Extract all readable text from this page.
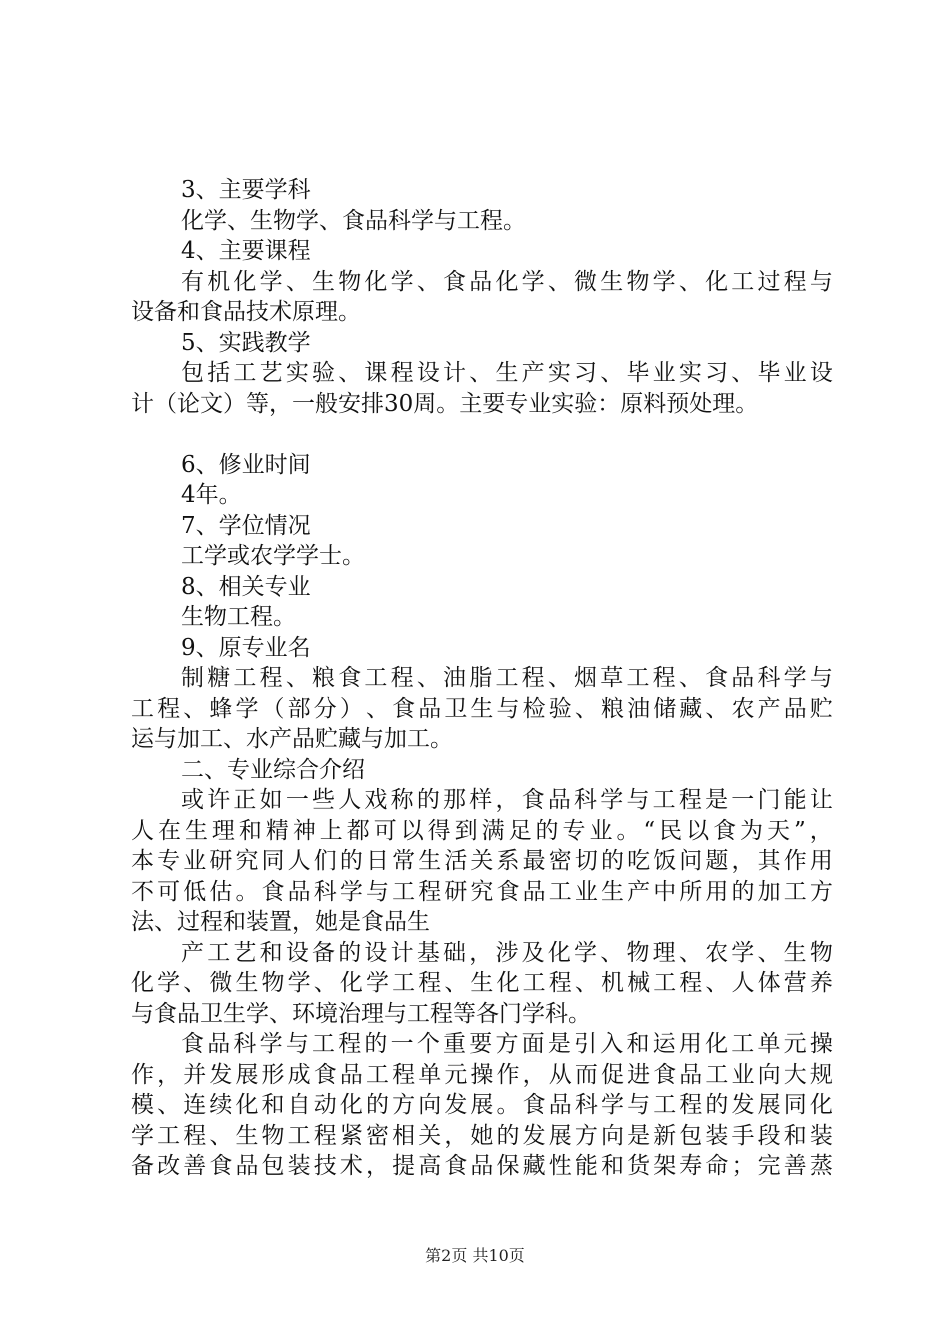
3、主要学科
化学、生物学、食品科学与工程。
4、主要课程
有 机 化 学 、 生 物 化 学 、 食 品 化 学 、 微 生 物 学 、 化 工 过 程 与
设备和食品技术原理。
5、实践教学
包 括 工 艺 实 验 、 课 程 设 计 、 生 产 实 习 、 毕 业 实 习 、 毕 业 设
计（论文）等，一般安排30周。主要专业实验：原料预处理。
6、修业时间
4年。
7、学位情况
工学或农学学士。
8、相关专业
生物工程。
9、原专业名
制 糖 工 程 、 粮 食 工 程 、 油 脂 工 程 、 烟 草 工 程 、 食 品 科 学 与
工 程 、 蜂 学 （ 部 分 ） 、 食 品 卫 生 与 检 验 、 粮 油 储 藏 、 农 产 品 贮
运与加工、水产品贮藏与加工。
二、专业综合介绍
或 许 正 如 一 些 人 戏 称 的 那 样 ， 食 品 科 学 与 工 程 是 一 门 能 让
人 在 生 理 和 精 神 上 都 可 以 得 到 满 足 的 专 业 。 “ 民 以 食 为 天 ” ，
本 专 业 研 究 同 人 们 的 日 常 生 活 关 系 最 密 切 的 吃 饭 问 题 ， 其 作 用
不 可 低 估 。 食 品 科 学 与 工 程 研 究 食 品 工 业 生 产 中 所 用 的 加 工 方
法、过程和装置，她是食品生
产 工 艺 和 设 备 的 设 计 基 础 ， 涉 及 化 学 、 物 理 、 农 学 、 生 物
化 学 、 微 生 物 学 、 化 学 工 程 、 生 化 工 程 、 机 械 工 程 、 人 体 营 养
与食品卫生学、环境治理与工程等各门学科。
食 品 科 学 与 工 程 的 一 个 重 要 方 面 是 引 入 和 运 用 化 工 单 元 操
作 ， 并 发 展 形 成 食 品 工 程 单 元 操 作 ， 从 而 促 进 食 品 工 业 向 大 规
模 、 连 续 化 和 自 动 化 的 方 向 发 展 。 食 品 科 学 与 工 程 的 发 展 同 化
学 工 程 、 生 物 工 程 紧 密 相 关 ， 她 的 发 展 方 向 是 新 包 装 手 段 和 装
备 改 善 食 品 包 装 技 术 ， 提 高 食 品 保 藏 性 能 和 货 架 寿 命 ； 完 善 蒸
第2页 共10页
